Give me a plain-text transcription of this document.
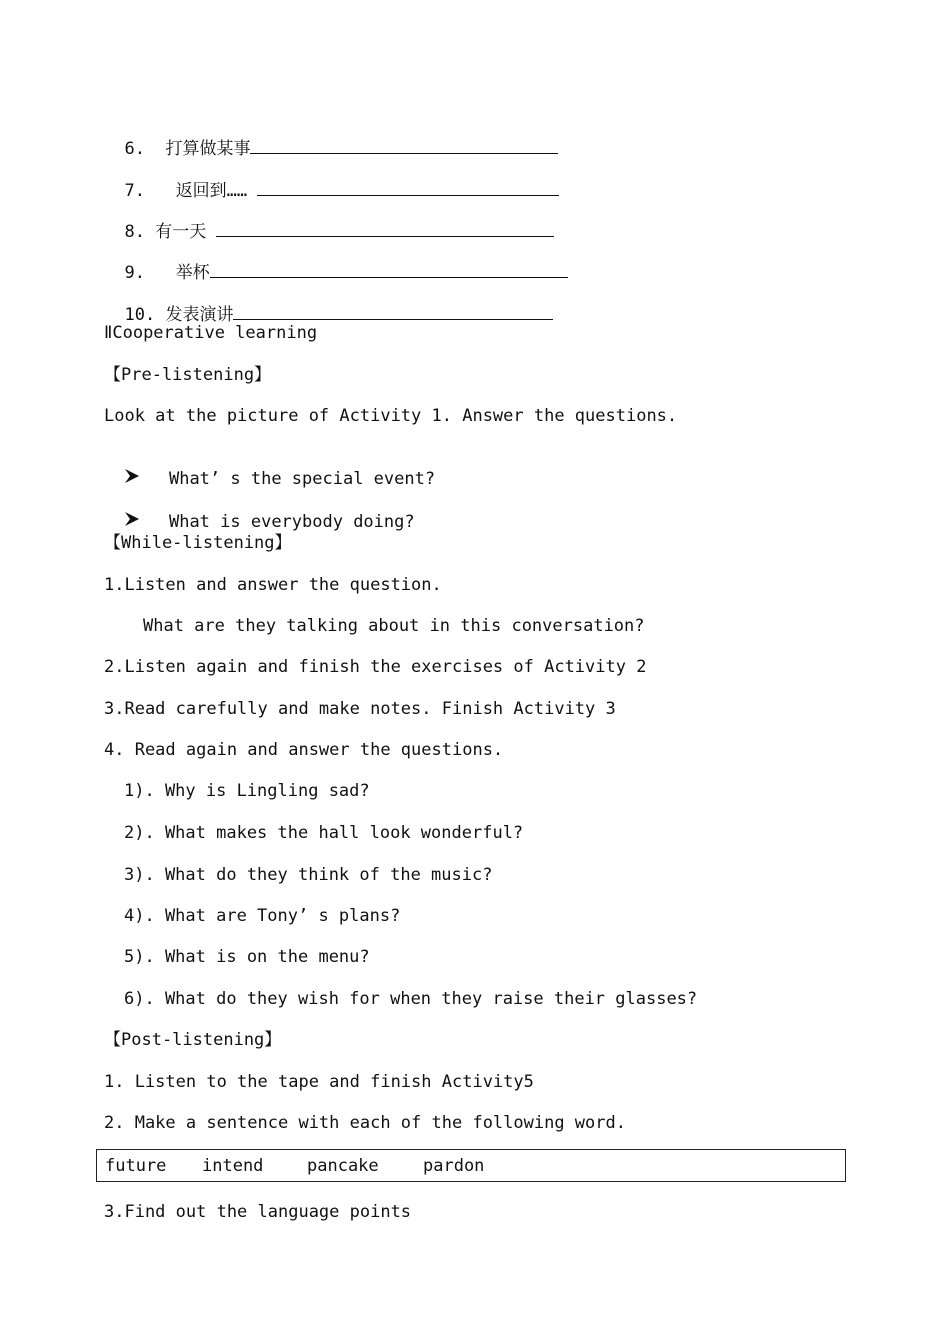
6. 打算做某事

7. 返回到……

8. 有一天

9. 举杯

10. 发表演讲

ⅡCooperative learning
【Pre-listening】
Look at the picture of Activity 1. Answer the questions.

What’ s the special event?

What is everybody doing?

【While-listening】
1.Listen and answer the question.
What are they talking about in this conversation?
2.Listen again and finish the exercises of Activity 2
3.Read carefully and make notes. Finish Activity 3
4. Read again and answer the questions.
1). Why is Lingling sad?
2). What makes the hall look wonderful?
3). What do they think of the music?
4). What are Tony’ s plans?
5). What is on the menu?
6). What do they wish for when they raise their glasses?
【Post-listening】
1. Listen to the tape and finish Activity5
2. Make a sentence with each of the following word.
future intend	pancake	pardon
3.Find out the language points
